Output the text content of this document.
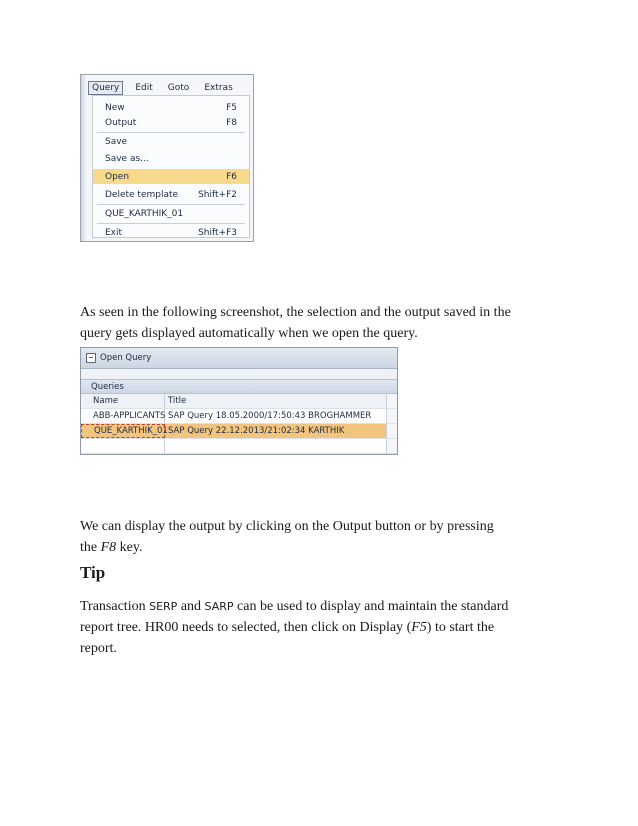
Query	Edit	Goto	Extras
New	F5
Output	F8
Save
Save as...
Open	F6
Delete template Shift+F2
QUE_KARTHIK_01
Exit	Shift+F3
As seen in the following screenshot, the selection and the output saved in the
query gets displayed automatically when we open the query.
Open Query
Queries
Name	Title
ABB-APPLICANTS SAP Query 18.05.2000/17:50:43 BROGHAMMER
QUE_KARTHIK_01 SAP Query 22.12.2013/21:02:34 KARTHIK
We can display the output by clicking on the Output button or by pressing
the F8 key.
Tip
Transaction SERP and SARP can be used to display and maintain the standard
report tree. HR00 needs to selected, then click on Display (F5) to start the
report.
